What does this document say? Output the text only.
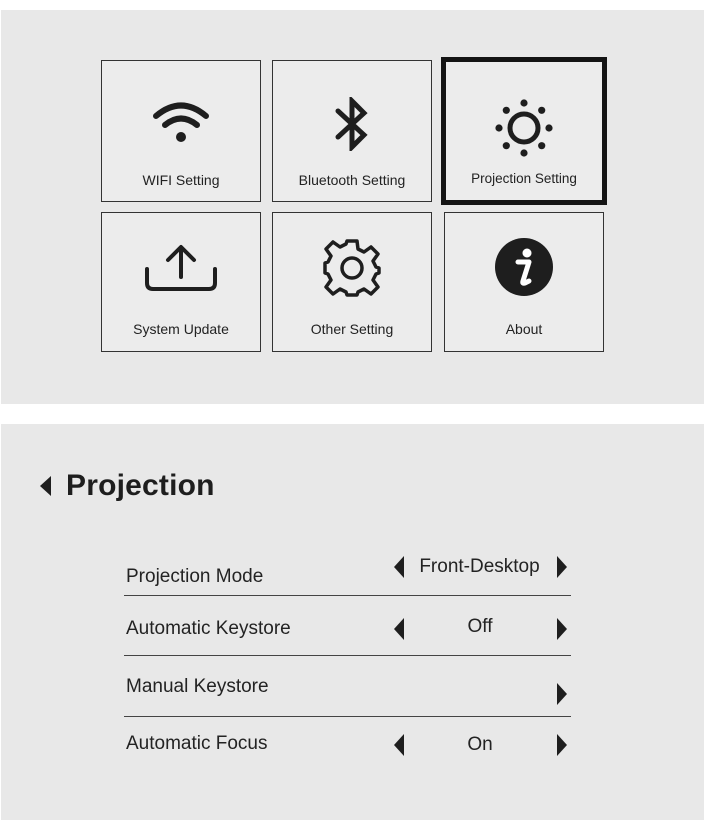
WIFI Setting	Bluetooth Setting	Projection Setting
System Update	Other Setting	About
Projection
Projection Mode	Front-Desktop
Automatic Keystore	Off
Manual Keystore
Automatic Focus	On
